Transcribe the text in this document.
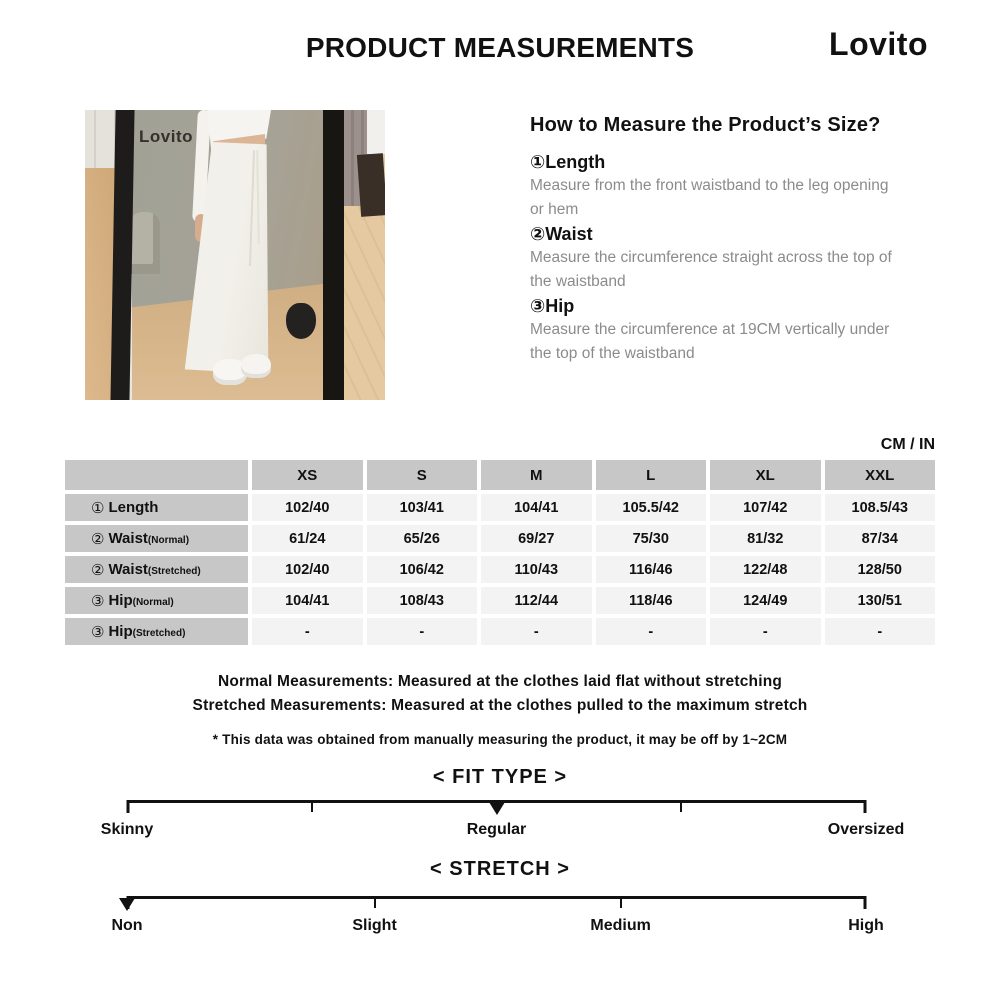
PRODUCT MEASUREMENTS	Lovito
Lovito
How to Measure the Product’s Size?
①Length
Measure from the front waistband to the leg opening or hem
②Waist
Measure the circumference straight across the top of the waistband
③Hip
Measure the circumference at 19CM vertically under the top of the waistband
CM / IN
XS	S	M	L	XL	XXL
① Length	102/40	103/41	104/41	105.5/42	107/42	108.5/43
② Waist (Normal)	61/24	65/26	69/27	75/30	81/32	87/34
② Waist (Stretched)	102/40	106/42	110/43	116/46	122/48	128/50
③ Hip (Normal)	104/41	108/43	112/44	118/46	124/49	130/51
③ Hip (Stretched)	-	-	-	-	-	-
Normal Measurements: Measured at the clothes laid flat without stretching
Stretched Measurements: Measured at the clothes pulled to the maximum stretch
* This data was obtained from manually measuring the product, it may be off by 1~2CM
< FIT TYPE >
Skinny	Regular	Oversized
< STRETCH >
Non	Slight	Medium	High
